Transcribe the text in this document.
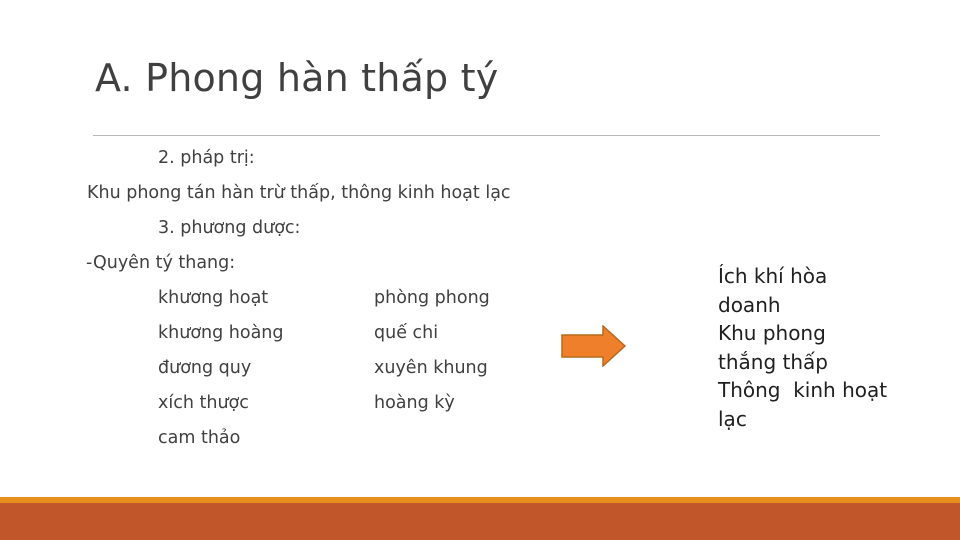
A. Phong hàn thấp tý
2. pháp trị:
Khu phong tán hàn trừ thấp, thông kinh hoạt lạc
3. phương dược:
-Quyên tý thang:
khương hoạt
khương hoàng
đương quy
xích thược
cam thảo
phòng phong
quế chi
xuyên khung
hoàng kỳ
Ích khí hòa
doanh
Khu phong
thắng thấp
Thông  kinh hoạt
lạc
